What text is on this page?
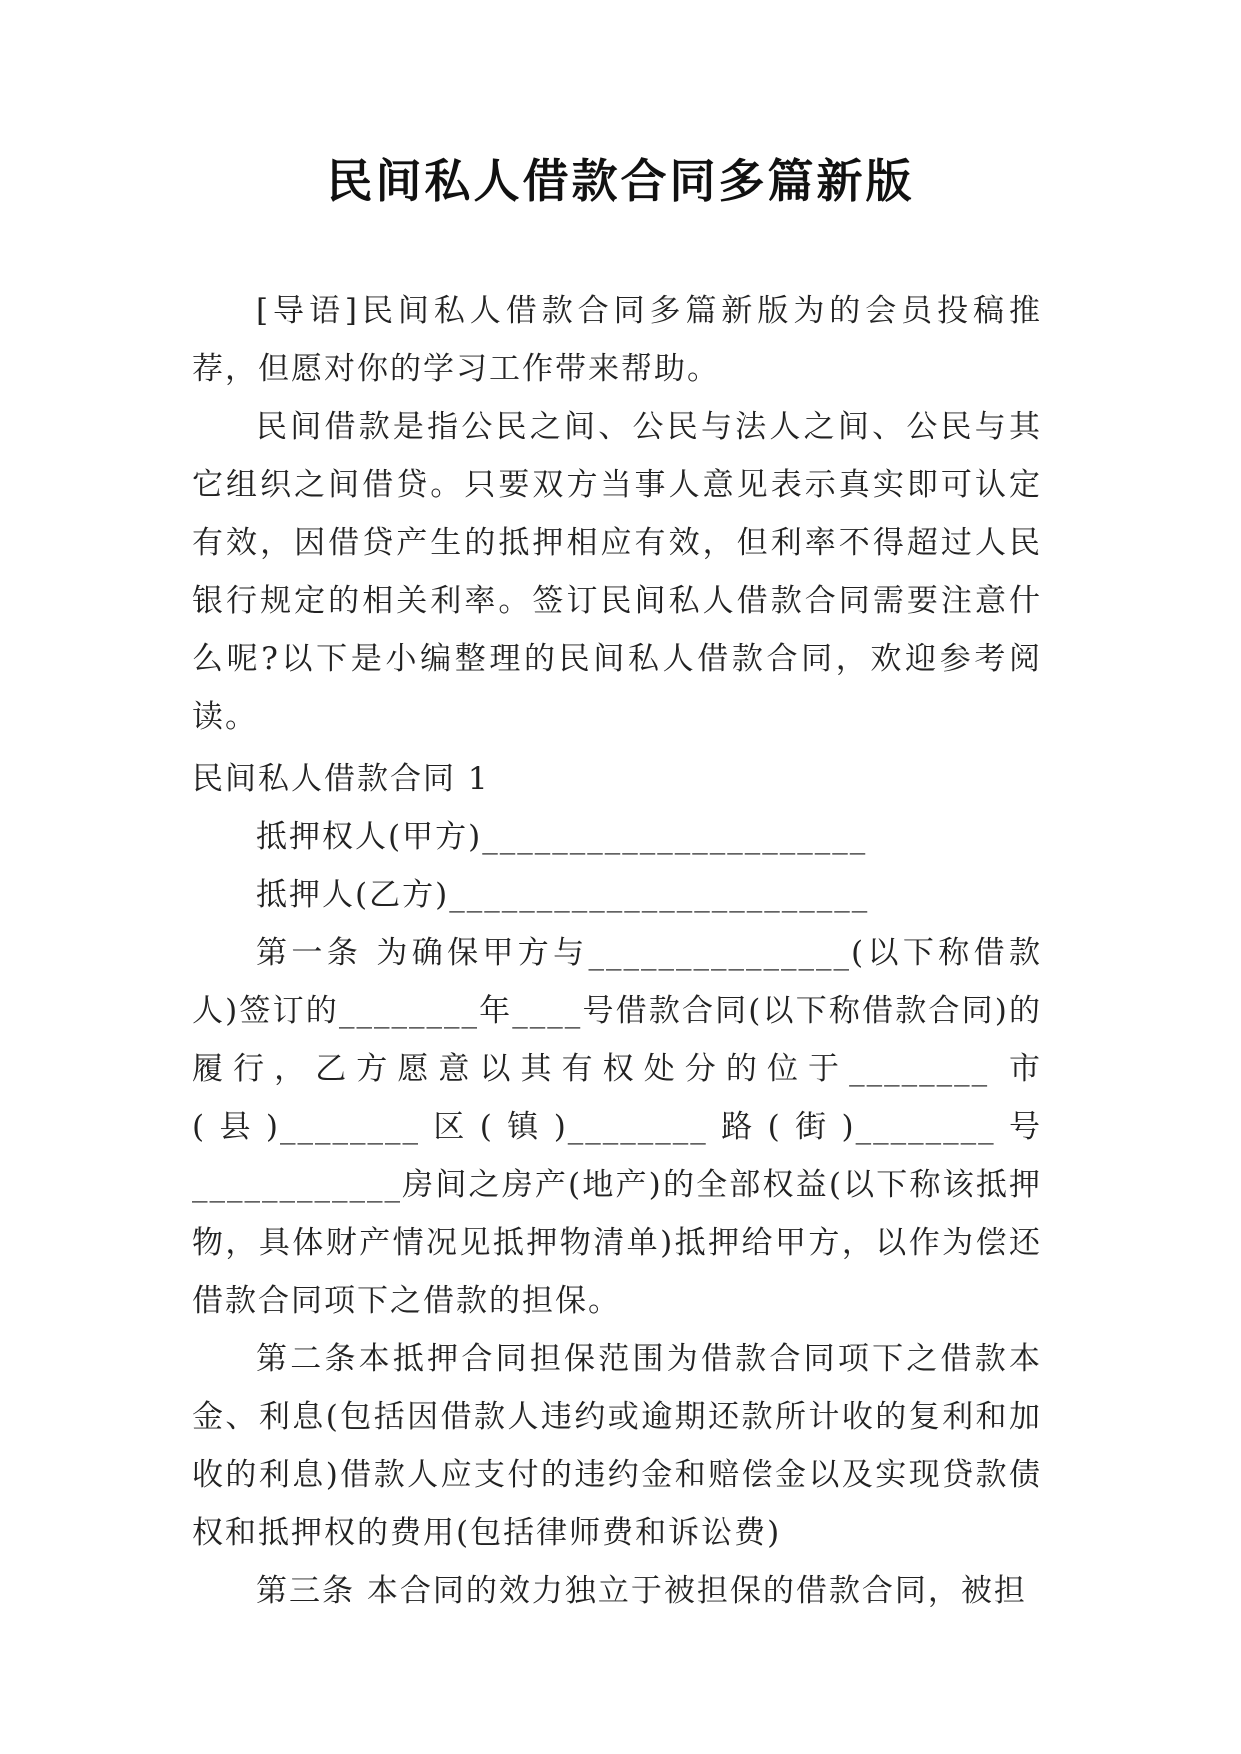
民间私人借款合同多篇新版

[导语]民间私人借款合同多篇新版为的会员投稿推荐，但愿对你的学习工作带来帮助。

民间借款是指公民之间、公民与法人之间、公民与其它组织之间借贷。只要双方当事人意见表示真实即可认定有效，因借贷产生的抵押相应有效，但利率不得超过人民银行规定的相关利率。签订民间私人借款合同需要注意什么呢?以下是小编整理的民间私人借款合同，欢迎参考阅读。

民间私人借款合同 1

抵押权人(甲方)______________________

抵押人(乙方)________________________

第一条 为确保甲方与_______________(以下称借款人)签订的________年____号借款合同(以下称借款合同)的履行，乙方愿意以其有权处分的位于________ 市(县)________区(镇)________路(街)________号____________房间之房产(地产)的全部权益(以下称该抵押物，具体财产情况见抵押物清单)抵押给甲方，以作为偿还借款合同项下之借款的担保。

第二条本抵押合同担保范围为借款合同项下之借款本金、利息(包括因借款人违约或逾期还款所计收的复利和加收的利息)借款人应支付的违约金和赔偿金以及实现贷款债权和抵押权的费用(包括律师费和诉讼费)

第三条 本合同的效力独立于被担保的借款合同，被担
